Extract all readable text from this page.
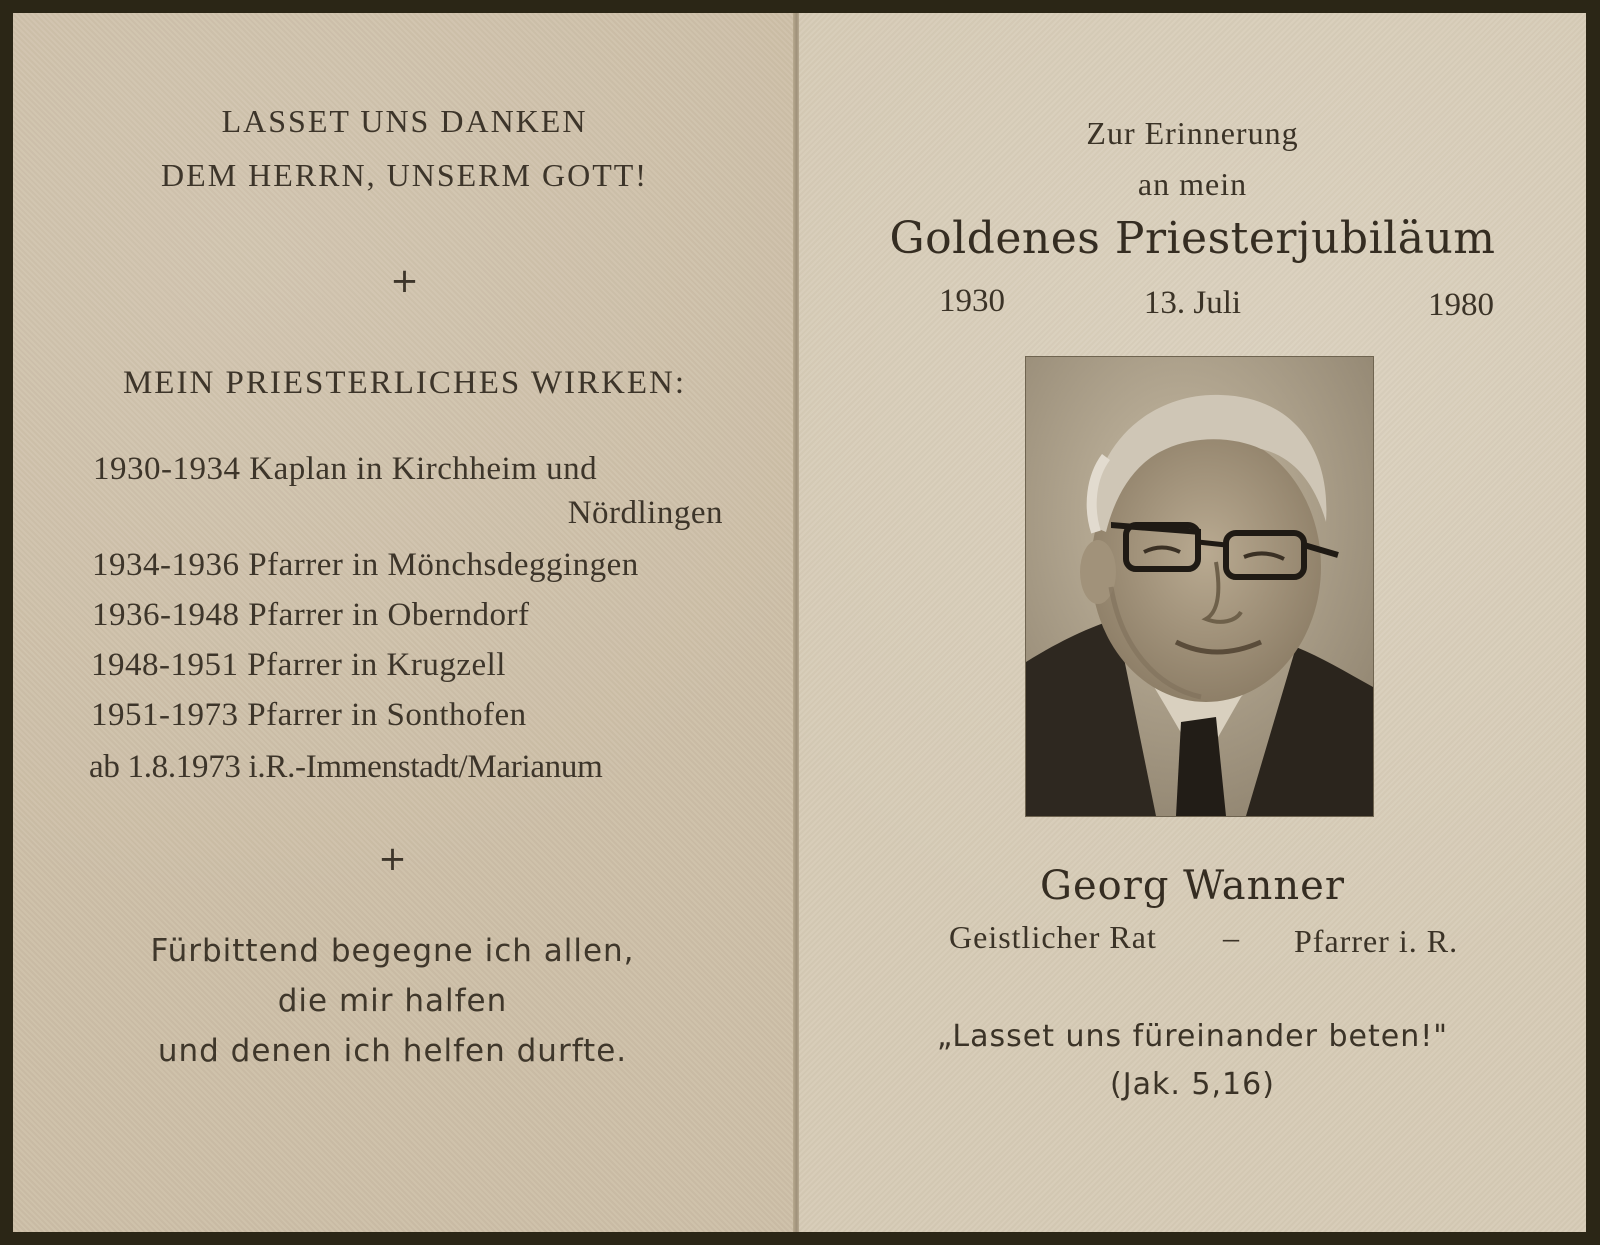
LASSET UNS DANKEN

DEM HERRN, UNSERM GOTT!

+

MEIN PRIESTERLICHES WIRKEN:

1930-1934 Kaplan in Kirchheim und

Nördlingen

1934-1936 Pfarrer in Mönchsdeggingen

1936-1948 Pfarrer in Oberndorf

1948-1951 Pfarrer in Krugzell

1951-1973 Pfarrer in Sonthofen

ab 1.8.1973 i.R.-Immenstadt/Marianum

+

Fürbittend begegne ich allen,

die mir halfen

und denen ich helfen durfte.

Zur Erinnerung

an mein

Goldenes Priesterjubiläum

1930	13. Juli	1980

Georg Wanner

Geistlicher Rat – Pfarrer i. R.

„Lasset uns füreinander beten!"

(Jak. 5,16)
